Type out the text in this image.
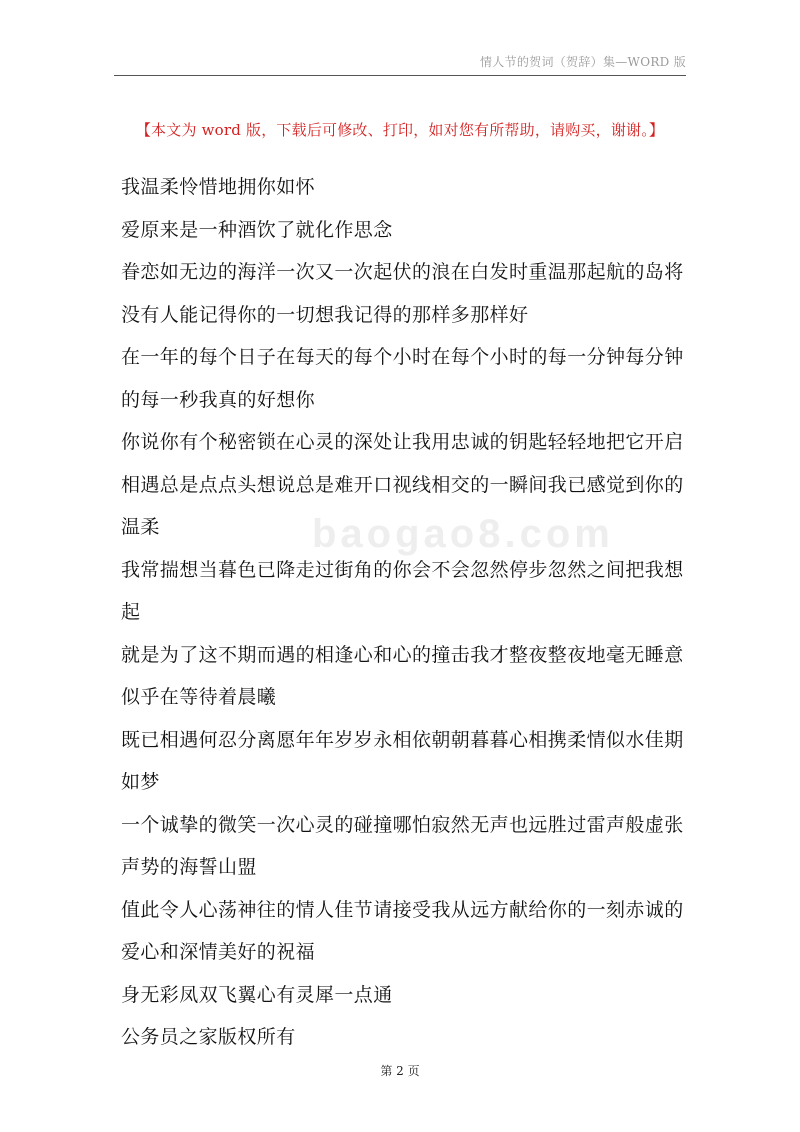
情人节的贺词（贺辞）集—WORD 版
【本文为 word 版，下载后可修改、打印，如对您有所帮助，请购买，谢谢。】
baogao8.com
我温柔怜惜地拥你如怀
爱原来是一种酒饮了就化作思念
眷恋如无边的海洋一次又一次起伏的浪在白发时重温那起航的岛将
没有人能记得你的一切想我记得的那样多那样好
在一年的每个日子在每天的每个小时在每个小时的每一分钟每分钟
的每一秒我真的好想你
你说你有个秘密锁在心灵的深处让我用忠诚的钥匙轻轻地把它开启
相遇总是点点头想说总是难开口视线相交的一瞬间我已感觉到你的
温柔
我常揣想当暮色已降走过街角的你会不会忽然停步忽然之间把我想
起
就是为了这不期而遇的相逢心和心的撞击我才整夜整夜地毫无睡意
似乎在等待着晨曦
既已相遇何忍分离愿年年岁岁永相依朝朝暮暮心相携柔情似水佳期
如梦
一个诚挚的微笑一次心灵的碰撞哪怕寂然无声也远胜过雷声般虚张
声势的海誓山盟
值此令人心荡神往的情人佳节请接受我从远方献给你的一刻赤诚的
爱心和深情美好的祝福
身无彩凤双飞翼心有灵犀一点通
公务员之家版权所有
第 2 页
